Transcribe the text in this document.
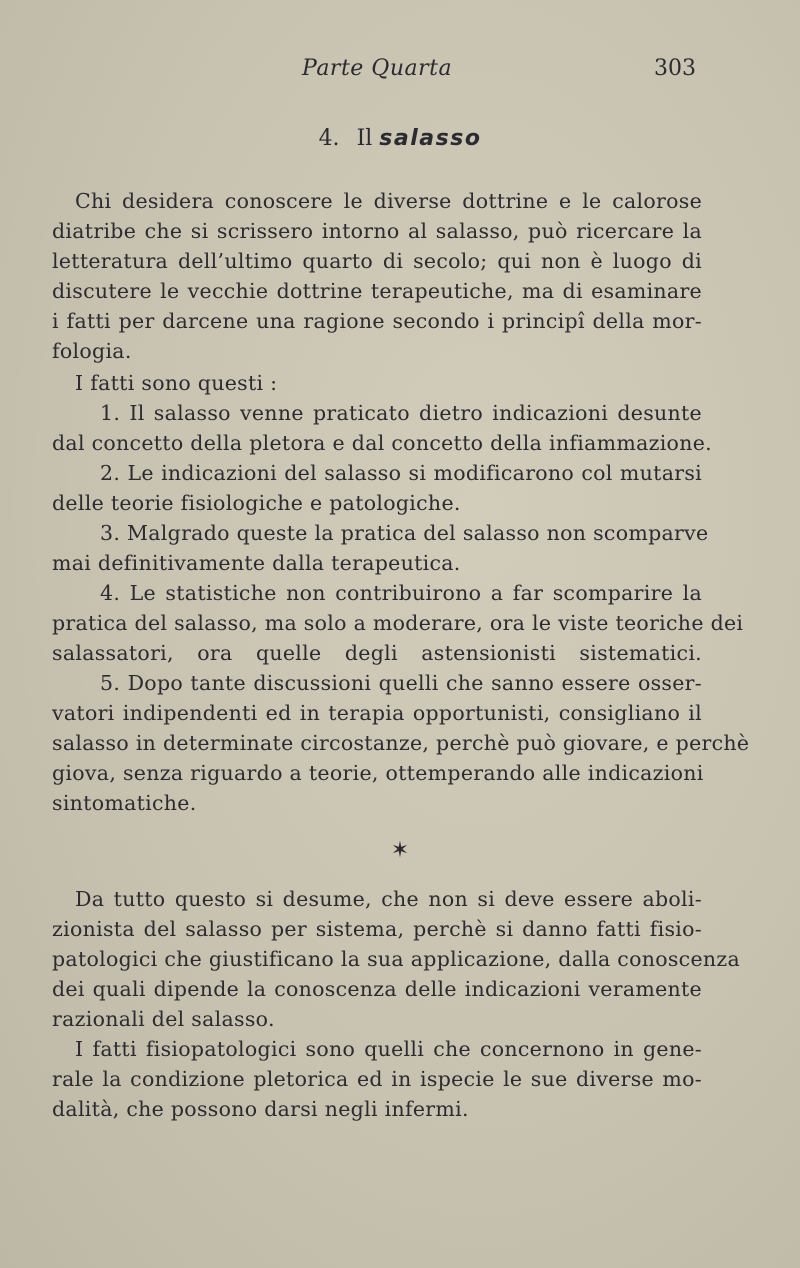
Parte Quarta	303
4. Il salasso
Chi desidera conoscere le diverse dottrine e le calorose
diatribe che si scrissero intorno al salasso, può ricercare la
letteratura dell’ultimo quarto di secolo; qui non è luogo di
discutere le vecchie dottrine terapeutiche, ma di esaminare
i fatti per darcene una ragione secondo i principî della mor-
fologia.
I fatti sono questi :
1. Il salasso venne praticato dietro indicazioni desunte
dal concetto della pletora e dal concetto della infiammazione.
2. Le indicazioni del salasso si modificarono col mutarsi
delle teorie fisiologiche e patologiche.
3. Malgrado queste la pratica del salasso non scomparve
mai definitivamente dalla terapeutica.
4. Le statistiche non contribuirono a far scomparire la
pratica del salasso, ma solo a moderare, ora le viste teoriche dei
salassatori, ora quelle degli astensionisti sistematici.
5. Dopo tante discussioni quelli che sanno essere osser-
vatori indipendenti ed in terapia opportunisti, consigliano il
salasso in determinate circostanze, perchè può giovare, e perchè
giova, senza riguardo a teorie, ottemperando alle indicazioni
sintomatiche.
✶
Da tutto questo si desume, che non si deve essere aboli-
zionista del salasso per sistema, perchè si danno fatti fisio-
patologici che giustificano la sua applicazione, dalla conoscenza
dei quali dipende la conoscenza delle indicazioni veramente
razionali del salasso.
I fatti fisiopatologici sono quelli che concernono in gene-
rale la condizione pletorica ed in ispecie le sue diverse mo-
dalità, che possono darsi negli infermi.
